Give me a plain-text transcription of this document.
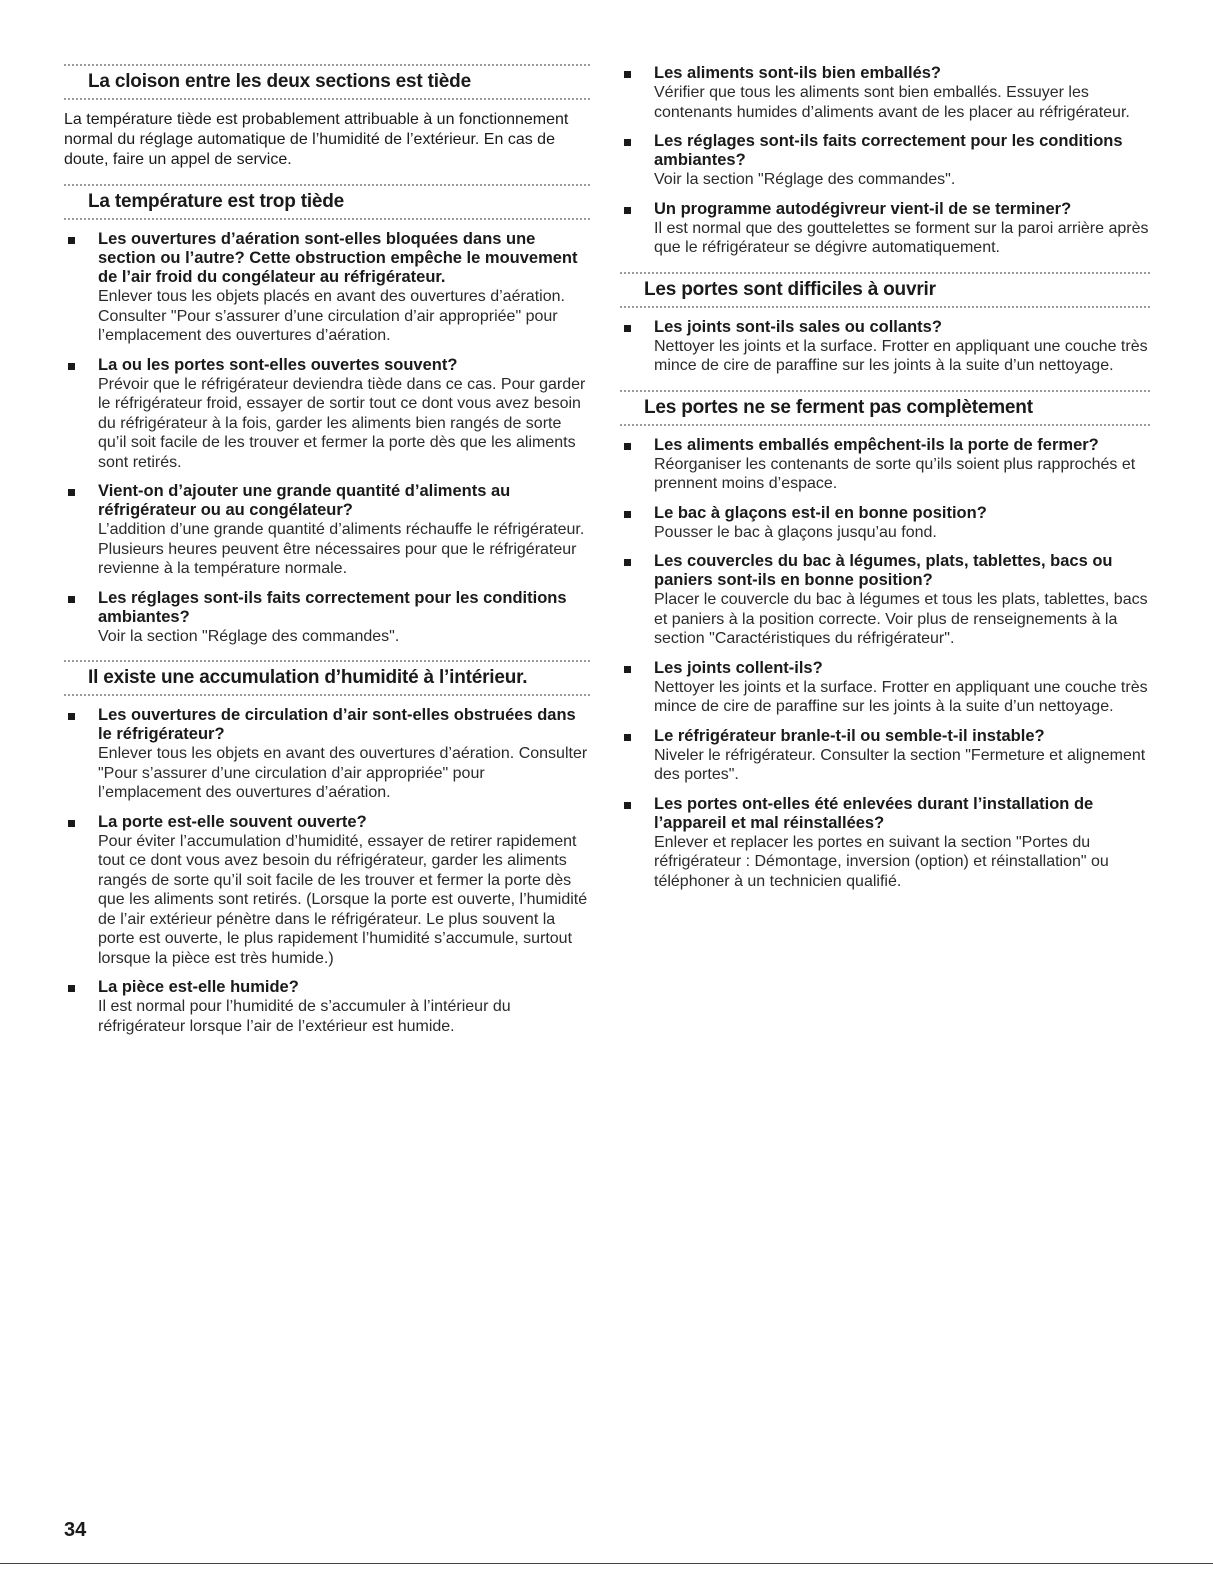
La cloison entre les deux sections est tiède

La température tiède est probablement attribuable à un fonctionnement normal du réglage automatique de l’humidité de l’extérieur. En cas de doute, faire un appel de service.

La température est trop tiède

Les ouvertures d’aération sont-elles bloquées dans une section ou l’autre? Cette obstruction empêche le mouvement de l’air froid du congélateur au réfrigérateur.

Enlever tous les objets placés en avant des ouvertures d’aération. Consulter "Pour s’assurer d’une circulation d’air appropriée" pour l’emplacement des ouvertures d’aération.

La ou les portes sont-elles ouvertes souvent?

Prévoir que le réfrigérateur deviendra tiède dans ce cas. Pour garder le réfrigérateur froid, essayer de sortir tout ce dont vous avez besoin du réfrigérateur à la fois, garder les aliments bien rangés de sorte qu’il soit facile de les trouver et fermer la porte dès que les aliments sont retirés.

Vient-on d’ajouter une grande quantité d’aliments au réfrigérateur ou au congélateur?

L’addition d’une grande quantité d’aliments réchauffe le réfrigérateur. Plusieurs heures peuvent être nécessaires pour que le réfrigérateur revienne à la température normale.

Les réglages sont-ils faits correctement pour les conditions ambiantes?

Voir la section "Réglage des commandes".

Il existe une accumulation d’humidité à l’intérieur.

Les ouvertures de circulation d’air sont-elles obstruées dans le réfrigérateur?

Enlever tous les objets en avant des ouvertures d’aération. Consulter "Pour s’assurer d’une circulation d’air appropriée" pour l’emplacement des ouvertures d’aération.

La porte est-elle souvent ouverte?

Pour éviter l’accumulation d’humidité, essayer de retirer rapidement tout ce dont vous avez besoin du réfrigérateur, garder les aliments rangés de sorte qu’il soit facile de les trouver et fermer la porte dès que les aliments sont retirés. (Lorsque la porte est ouverte, l’humidité de l’air extérieur pénètre dans le réfrigérateur. Le plus souvent la porte est ouverte, le plus rapidement l’humidité s’accumule, surtout lorsque la pièce est très humide.)

La pièce est-elle humide?

Il est normal pour l’humidité de s’accumuler à l’intérieur du réfrigérateur lorsque l’air de l’extérieur est humide.

Les aliments sont-ils bien emballés?

Vérifier que tous les aliments sont bien emballés. Essuyer les contenants humides d’aliments avant de les placer au réfrigérateur.

Les réglages sont-ils faits correctement pour les conditions ambiantes?

Voir la section "Réglage des commandes".

Un programme autodégivreur vient-il de se terminer?

Il est normal que des gouttelettes se forment sur la paroi arrière après que le réfrigérateur se dégivre automatiquement.

Les portes sont difficiles à ouvrir

Les joints sont-ils sales ou collants?

Nettoyer les joints et la surface. Frotter en appliquant une couche très mince de cire de paraffine sur les joints à la suite d’un nettoyage.

Les portes ne se ferment pas complètement

Les aliments emballés empêchent-ils la porte de fermer?

Réorganiser les contenants de sorte qu’ils soient plus rapprochés et prennent moins d’espace.

Le bac à glaçons est-il en bonne position?

Pousser le bac à glaçons jusqu’au fond.

Les couvercles du bac à légumes, plats, tablettes, bacs ou paniers sont-ils en bonne position?

Placer le couvercle du bac à légumes et tous les plats, tablettes, bacs et paniers à la position correcte. Voir plus de renseignements à la section "Caractéristiques du réfrigérateur".

Les joints collent-ils?

Nettoyer les joints et la surface. Frotter en appliquant une couche très mince de cire de paraffine sur les joints à la suite d’un nettoyage.

Le réfrigérateur branle-t-il ou semble-t-il instable?

Niveler le réfrigérateur. Consulter la section "Fermeture et alignement des portes".

Les portes ont-elles été enlevées durant l’installation de l’appareil et mal réinstallées?

Enlever et replacer les portes en suivant la section "Portes du réfrigérateur : Démontage, inversion (option) et réinstallation" ou téléphoner à un technicien qualifié.

34
